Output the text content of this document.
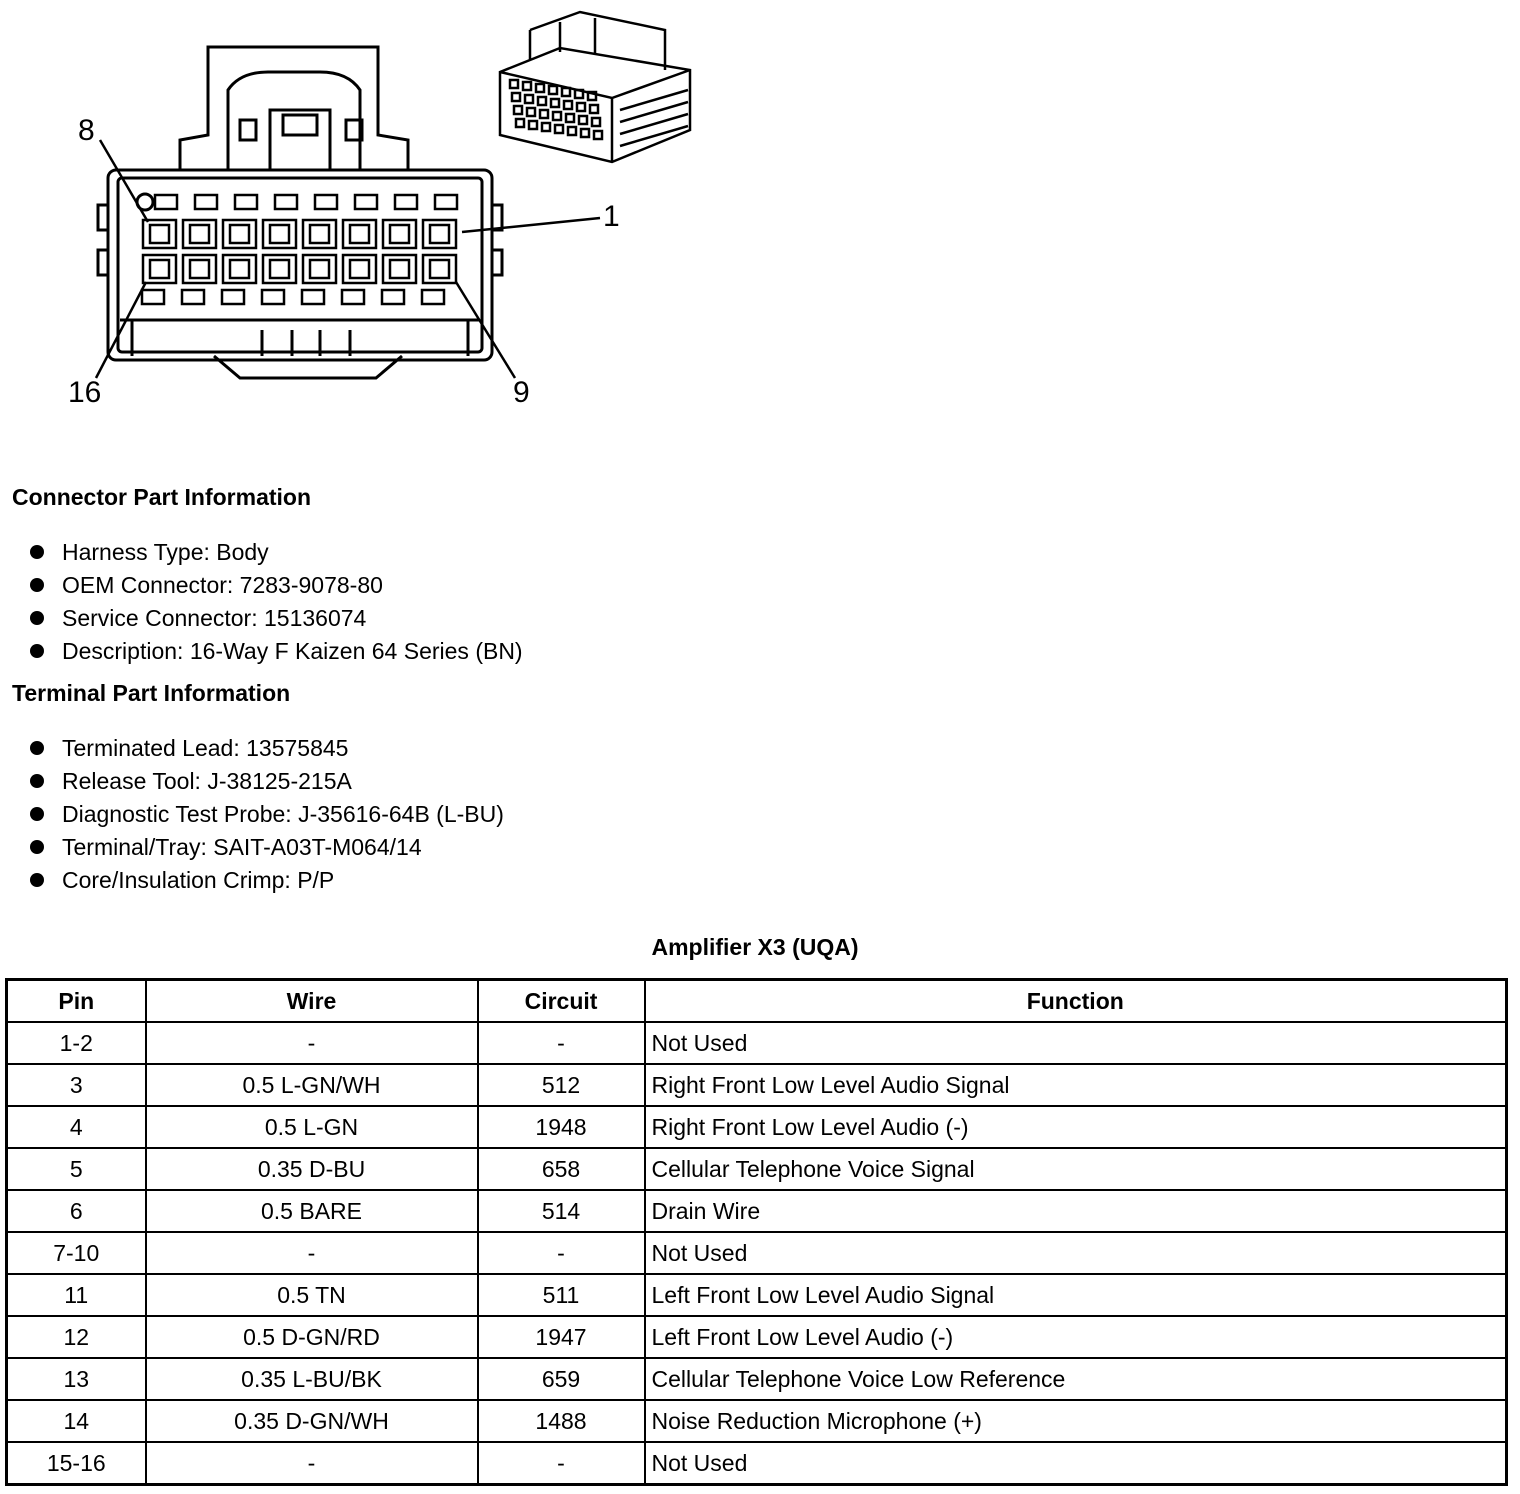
8
1
16	9
Connector Part Information
Harness Type: Body
OEM Connector: 7283-9078-80
Service Connector: 15136074
Description: 16-Way F Kaizen 64 Series (BN)
Terminal Part Information
Terminated Lead: 13575845
Release Tool: J-38125-215A
Diagnostic Test Probe: J-35616-64B (L-BU)
Terminal/Tray: SAIT-A03T-M064/14
Core/Insulation Crimp: P/P
Amplifier X3 (UQA)
Pin	Wire	Circuit	Function
1-2	-	-	Not Used
3	0.5 L-GN/WH	512	Right Front Low Level Audio Signal
4	0.5 L-GN	1948	Right Front Low Level Audio (-)
5	0.35 D-BU	658	Cellular Telephone Voice Signal
6	0.5 BARE	514	Drain Wire
7-10	-	-	Not Used
11	0.5 TN	511	Left Front Low Level Audio Signal
12	0.5 D-GN/RD	1947	Left Front Low Level Audio (-)
13	0.35 L-BU/BK	659	Cellular Telephone Voice Low Reference
14	0.35 D-GN/WH	1488	Noise Reduction Microphone (+)
15-16	-	-	Not Used
